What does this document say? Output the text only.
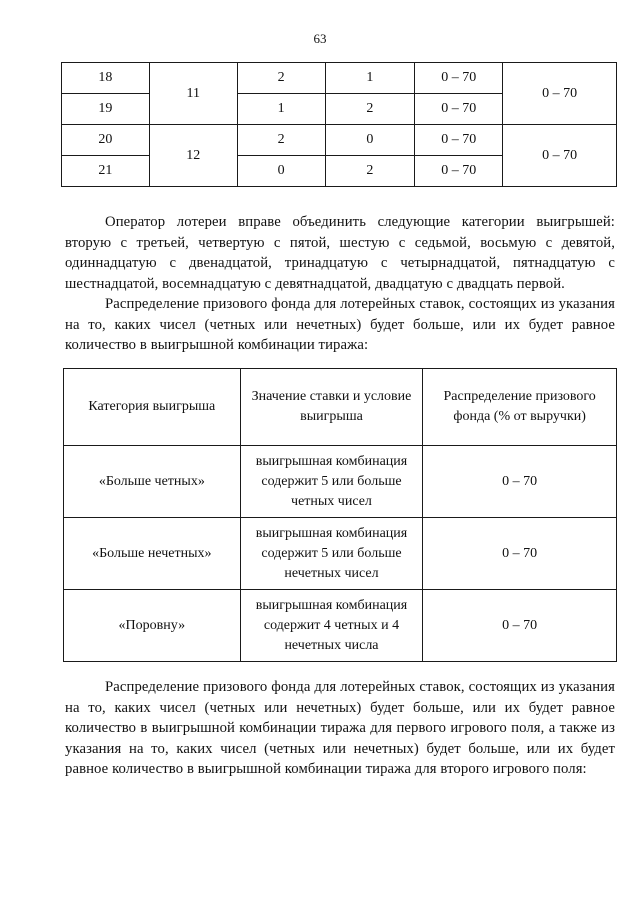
63
18	11	2	1	0 – 70	0 – 70
19		1	2	0 – 70	
20	12	2	0	0 – 70	0 – 70
21		0	2	0 – 70	

Оператор лотереи вправе объединить следующие категории выигрышей: вторую с третьей, четвертую с пятой, шестую с седьмой, восьмую с девятой, одиннадцатую с двенадцатой, тринадцатую с четырнадцатой, пятнадцатую с шестнадцатой, восемнадцатую с девятнадцатой, двадцатую с двадцать первой.

Распределение призового фонда для лотерейных ставок, состоящих из указания на то, каких чисел (четных или нечетных) будет больше, или их будет равное количество в выигрышной комбинации тиража:

Категория выигрыша	Значение ставки и условие выигрыша	Распределение призового фонда (% от выручки)
«Больше четных»	выигрышная комбинация содержит 5 или больше четных чисел	0 – 70
«Больше нечетных»	выигрышная комбинация содержит 5 или больше нечетных чисел	0 – 70
«Поровну»	выигрышная комбинация содержит 4 четных и 4 нечетных числа	0 – 70

Распределение призового фонда для лотерейных ставок, состоящих из указания на то, каких чисел (четных или нечетных) будет больше, или их будет равное количество в выигрышной комбинации тиража для первого игрового поля, а также из указания на то, каких чисел (четных или нечетных) будет больше, или их будет равное количество в выигрышной комбинации тиража для второго игрового поля:
